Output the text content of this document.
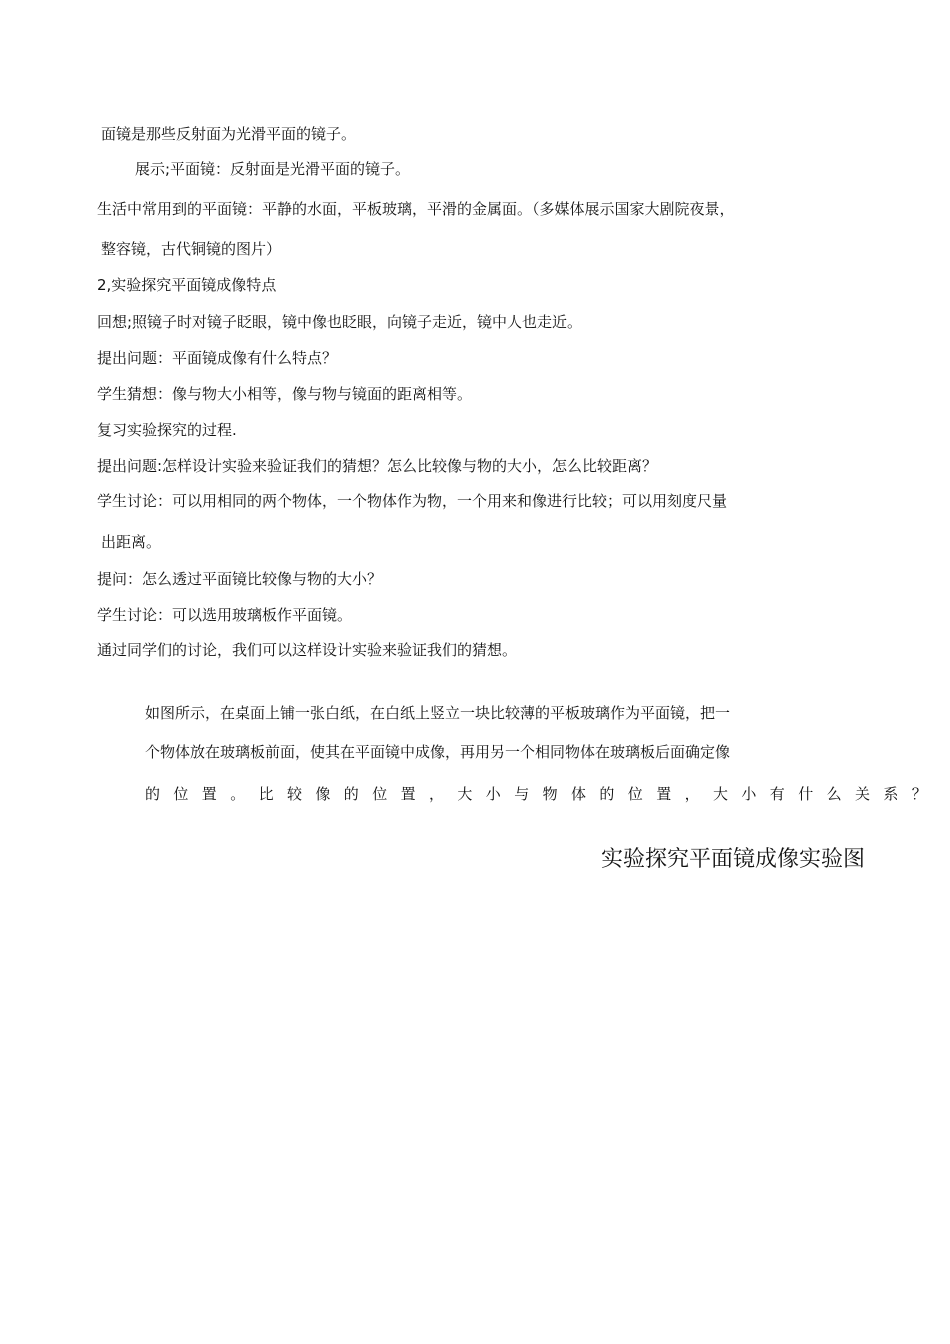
面镜是那些反射面为光滑平面的镜子。

展示;平面镜：反射面是光滑平面的镜子。

生活中常用到的平面镜：平静的水面，平板玻璃，平滑的金属面。（多媒体展示国家大剧院夜景，

整容镜，古代铜镜的图片）

2,实验探究平面镜成像特点

回想;照镜子时对镜子眨眼，镜中像也眨眼，向镜子走近，镜中人也走近。

提出问题：平面镜成像有什么特点？

学生猜想：像与物大小相等，像与物与镜面的距离相等。

复习实验探究的过程.

提出问题:怎样设计实验来验证我们的猜想？怎么比较像与物的大小，怎么比较距离？

学生讨论：可以用相同的两个物体，一个物体作为物，一个用来和像进行比较；可以用刻度尺量

出距离。

提问：怎么透过平面镜比较像与物的大小？

学生讨论：可以选用玻璃板作平面镜。

通过同学们的讨论，我们可以这样设计实验来验证我们的猜想。

如图所示，在桌面上铺一张白纸，在白纸上竖立一块比较薄的平板玻璃作为平面镜，把一

个物体放在玻璃板前面，使其在平面镜中成像，再用另一个相同物体在玻璃板后面确定像

的位置。比较像的位置，大小与物体的位置，大小有什么关系？

实验探究平面镜成像实验图
